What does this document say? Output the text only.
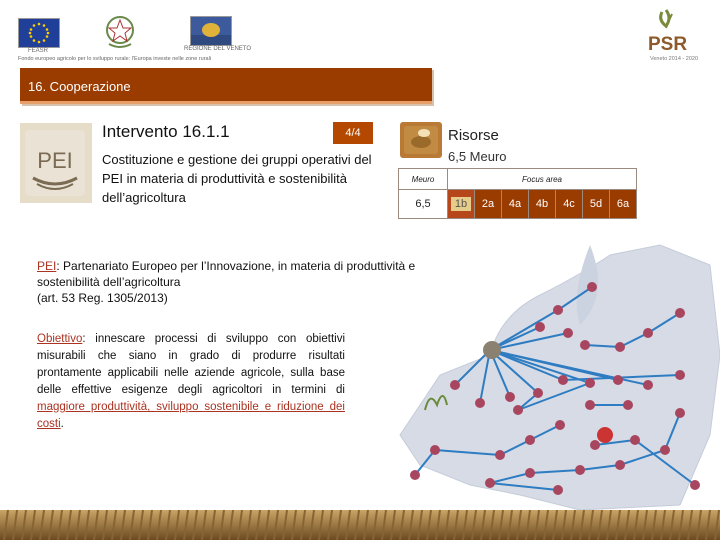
FEASR	REGIONE DEL VENETO
Fondo europeo agricolo per lo sviluppo rurale: l'Europa investe nelle zone rurali
PSR
Veneto 2014 - 2020
16. Cooperazione
PEI
Intervento 16.1.1	4/4
Costituzione e gestione dei gruppi operativi del PEI in materia di produttività e sostenibilità dell’agricoltura
Risorse
6,5 Meuro
Meuro	Focus area						
6,5	1b	2a	4a	4b	4c	5d	6a
PEI: Partenariato Europeo per l’Innovazione, in materia di produttività e sostenibilità dell’agricoltura
(art. 53 Reg. 1305/2013)
Obiettivo: innescare processi di sviluppo con obiettivi misurabili che siano in grado di produrre risultati prontamente applicabili nelle aziende agricole, sulla base delle effettive esigenze degli agricoltori in termini di maggiore produttività, sviluppo sostenibile e riduzione dei costi.
